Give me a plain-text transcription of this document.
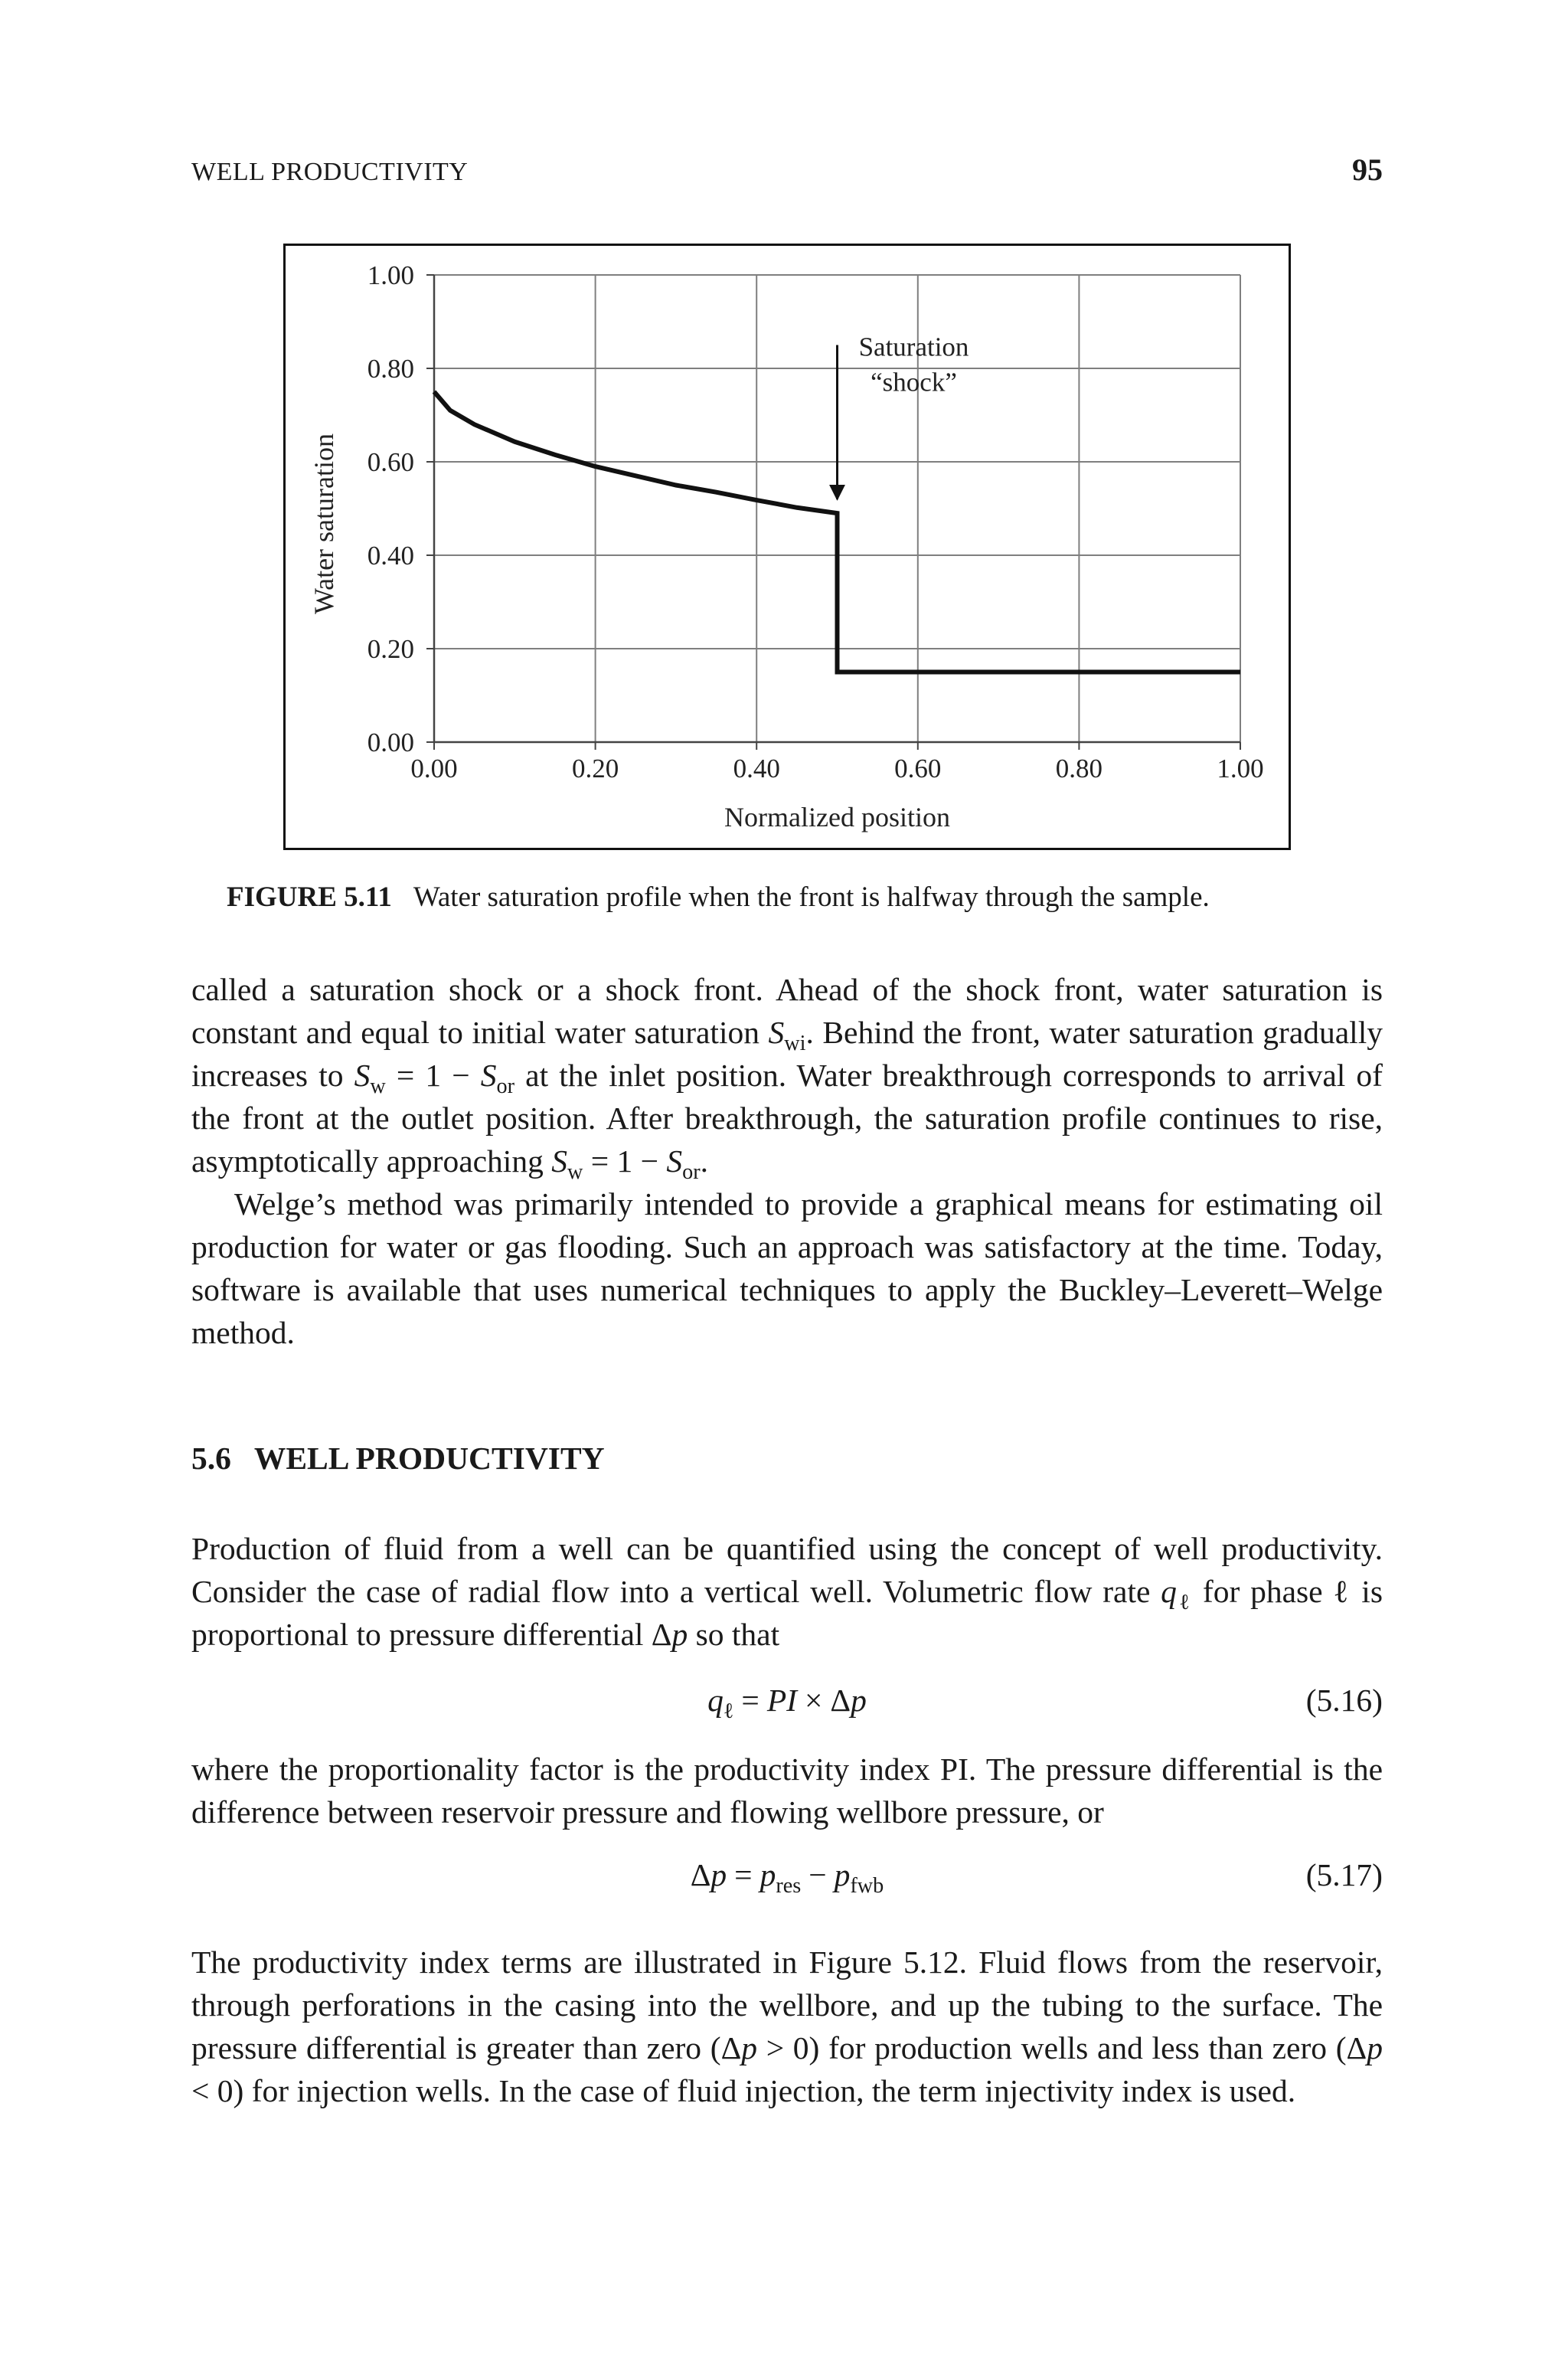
WELL PRODUCTIVITY	95
Saturation
“shock”
0.00
0.20
0.40
0.60
0.80
1.00
0.00	0.20	0.40	0.60	0.80	1.00
Normalized position
Water saturation
FIGURE 5.11 Water saturation profile when the front is halfway through the sample.

called a saturation shock or a shock front. Ahead of the shock front, water saturation is constant and equal to initial water saturation $S_{wi}$. Behind the front, water saturation gradually increases to $S_w = 1 - S_{or}$ at the inlet position. Water breakthrough corresponds to arrival of the front at the outlet position. After breakthrough, the saturation profile continues to rise, asymptotically approaching $S_w = 1 - S_{or}$.

Welge’s method was primarily intended to provide a graphical means for estimating oil production for water or gas flooding. Such an approach was satisfactory at the time. Today, software is available that uses numerical techniques to apply the Buckley–Leverett–Welge method.

5.6 WELL PRODUCTIVITY

Production of fluid from a well can be quantified using the concept of well productivity. Consider the case of radial flow into a vertical well. Volumetric flow rate $q_\ell$ for phase ℓ is proportional to pressure differential Δp so that

$q_\ell$ = PI × Δp	(5.16)

where the proportionality factor is the productivity index PI. The pressure differential is the difference between reservoir pressure and flowing wellbore pressure, or

$\Delta p = p_{res} - p_{fwb}$	(5.17)

The productivity index terms are illustrated in Figure 5.12. Fluid flows from the reservoir, through perforations in the casing into the wellbore, and up the tubing to the surface. The pressure differential is greater than zero (Δp > 0) for production wells and less than zero (Δp < 0) for injection wells. In the case of fluid injection, the term injectivity index is used.
